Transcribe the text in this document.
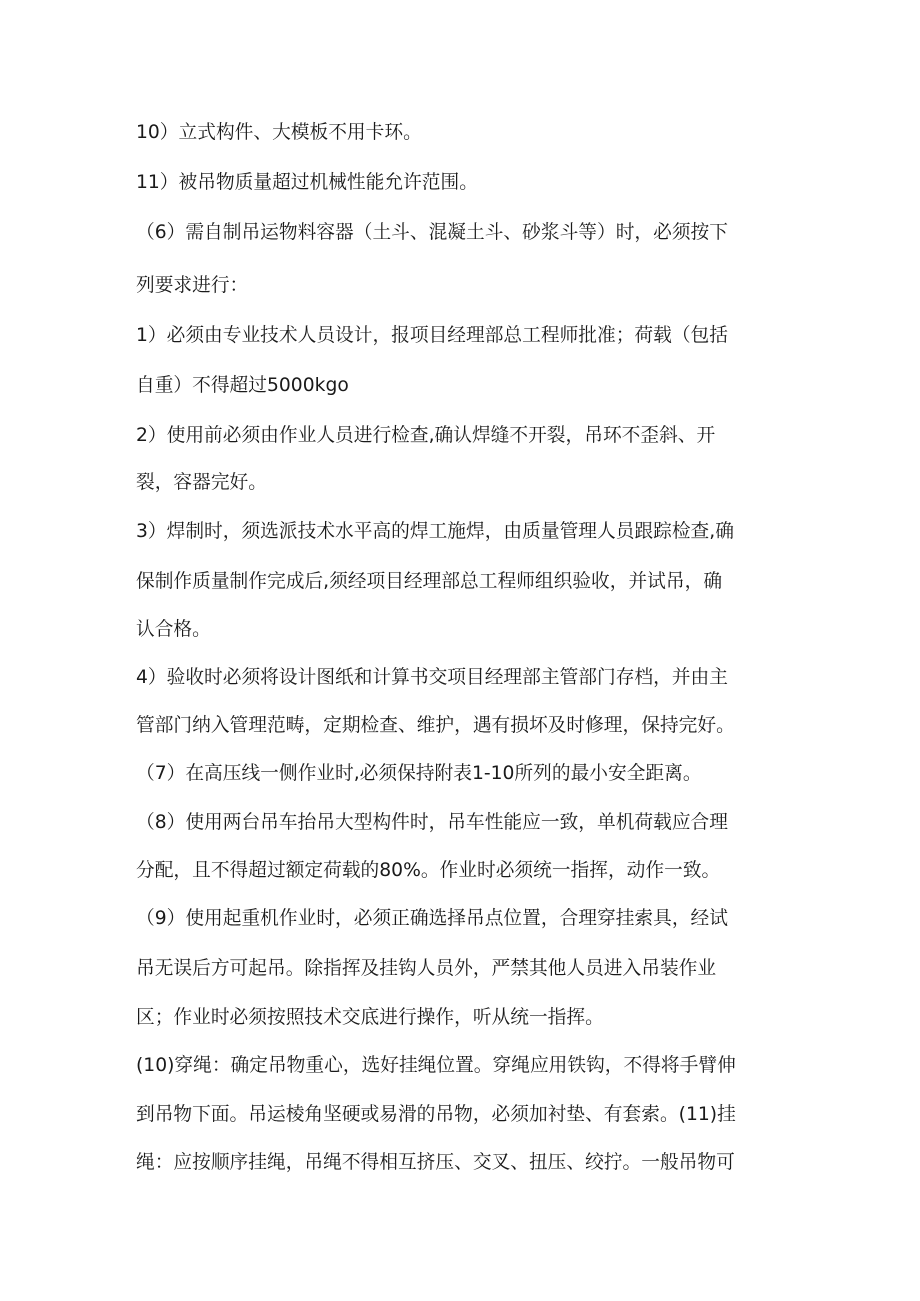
10）立式构件、大模板不用卡环。
11）被吊物质量超过机械性能允许范围。
（6）需自制吊运物料容器（土斗、混凝土斗、砂浆斗等）时，必须按下
列要求进行：
1）必须由专业技术人员设计，报项目经理部总工程师批准；荷载（包括
自重）不得超过5000kgo
2）使用前必须由作业人员进行检查,确认焊缝不开裂，吊环不歪斜、开
裂，容器完好。
3）焊制时，须选派技术水平高的焊工施焊，由质量管理人员跟踪检查,确
保制作质量制作完成后,须经项目经理部总工程师组织验收，并试吊，确
认合格。
4）验收时必须将设计图纸和计算书交项目经理部主管部门存档，并由主
管部门纳入管理范畴，定期检查、维护，遇有损坏及时修理，保持完好。
（7）在高压线一侧作业时,必须保持附表1-10所列的最小安全距离。
（8）使用两台吊车抬吊大型构件时，吊车性能应一致，单机荷载应合理
分配，且不得超过额定荷载的80%。作业时必须统一指挥，动作一致。
（9）使用起重机作业时，必须正确选择吊点位置，合理穿挂索具，经试
吊无误后方可起吊。除指挥及挂钩人员外，严禁其他人员进入吊装作业
区；作业时必须按照技术交底进行操作，听从统一指挥。
(10)穿绳：确定吊物重心，选好挂绳位置。穿绳应用铁钩，不得将手臂伸
到吊物下面。吊运棱角坚硬或易滑的吊物，必须加衬垫、有套索。(11)挂
绳：应按顺序挂绳，吊绳不得相互挤压、交叉、扭压、绞拧。一般吊物可
